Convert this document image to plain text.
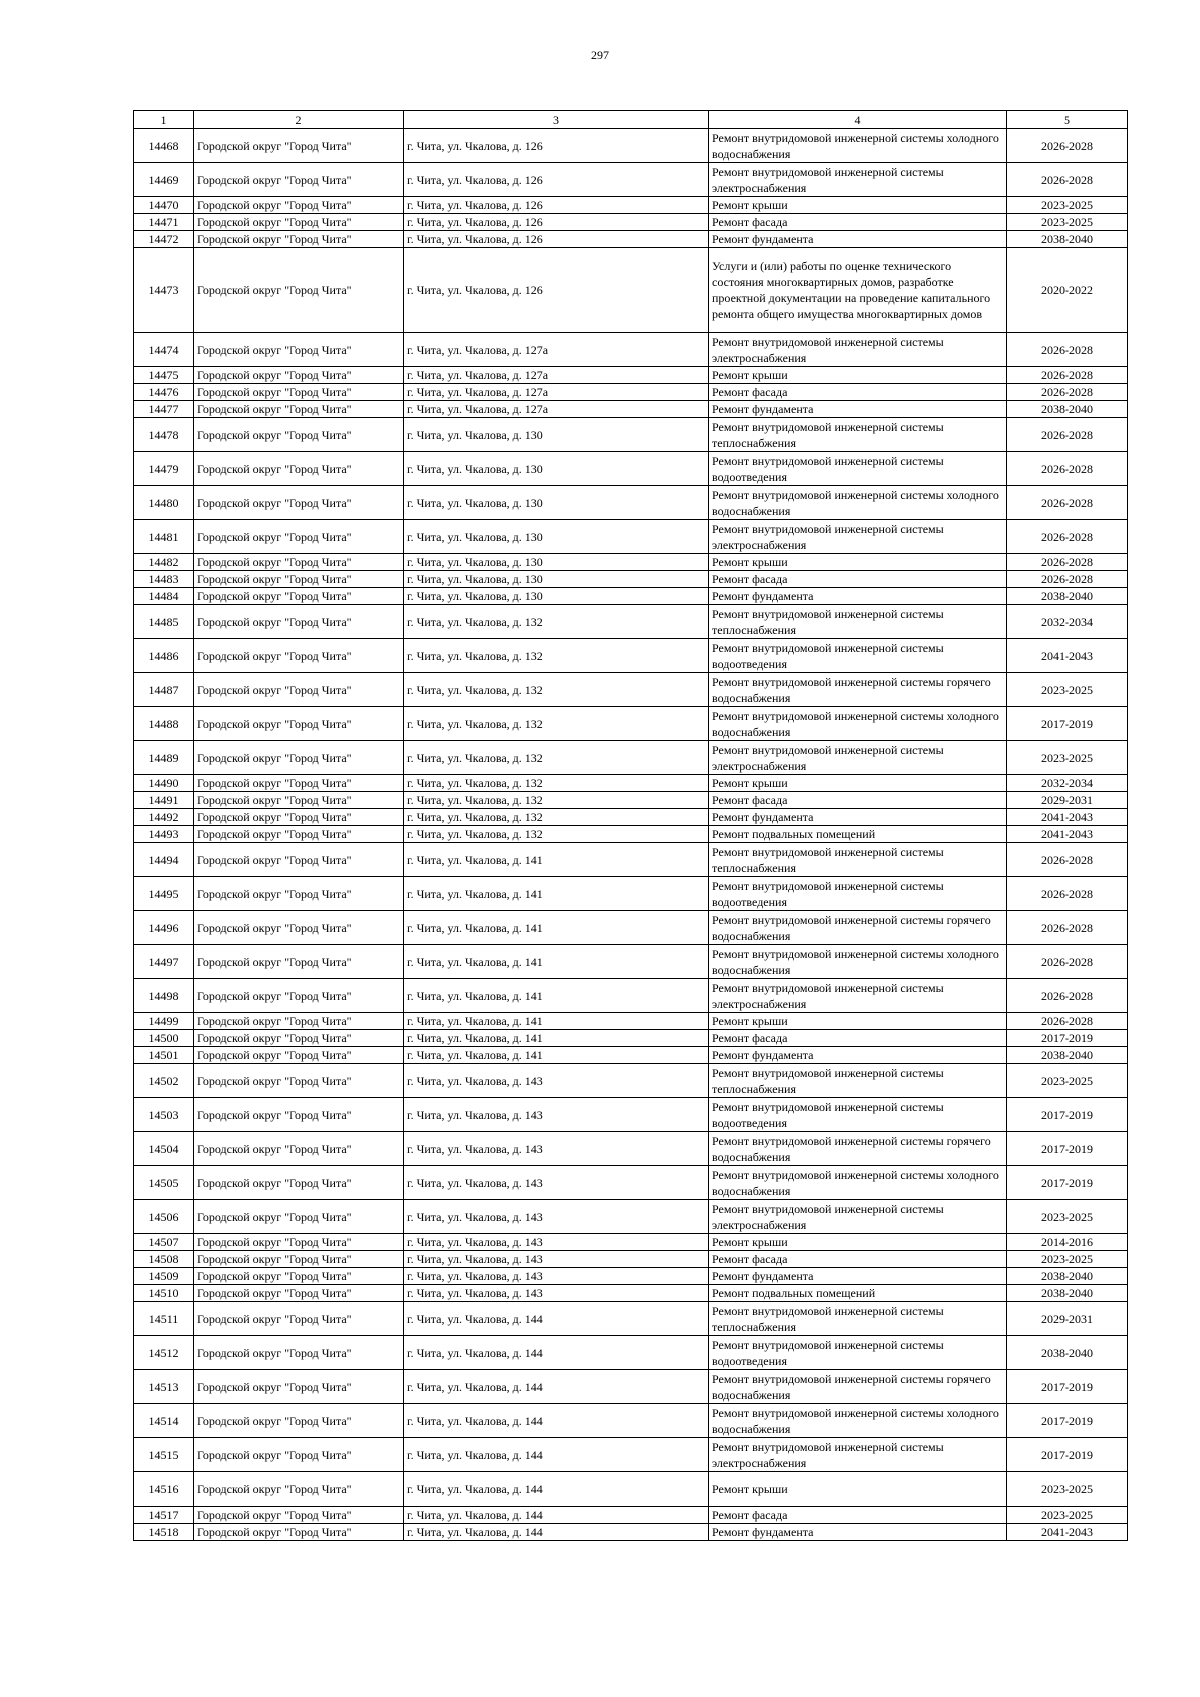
297
1	2	3	4	5
14468	Городской округ "Город Чита"	г. Чита, ул. Чкалова, д. 126	Ремонт внутридомовой инженерной системы холодного водоснабжения	2026-2028
14469	Городской округ "Город Чита"	г. Чита, ул. Чкалова, д. 126	Ремонт внутридомовой инженерной системы электроснабжения	2026-2028
14470	Городской округ "Город Чита"	г. Чита, ул. Чкалова, д. 126	Ремонт крыши	2023-2025
14471	Городской округ "Город Чита"	г. Чита, ул. Чкалова, д. 126	Ремонт фасада	2023-2025
14472	Городской округ "Город Чита"	г. Чита, ул. Чкалова, д. 126	Ремонт фундамента	2038-2040
14473	Городской округ "Город Чита"	г. Чита, ул. Чкалова, д. 126	Услуги и (или) работы по оценке технического состояния многоквартирных домов, разработке проектной документации на проведение капитального ремонта общего имущества многоквартирных домов	2020-2022
14474	Городской округ "Город Чита"	г. Чита, ул. Чкалова, д. 127а	Ремонт внутридомовой инженерной системы электроснабжения	2026-2028
14475	Городской округ "Город Чита"	г. Чита, ул. Чкалова, д. 127а	Ремонт крыши	2026-2028
14476	Городской округ "Город Чита"	г. Чита, ул. Чкалова, д. 127а	Ремонт фасада	2026-2028
14477	Городской округ "Город Чита"	г. Чита, ул. Чкалова, д. 127а	Ремонт фундамента	2038-2040
14478	Городской округ "Город Чита"	г. Чита, ул. Чкалова, д. 130	Ремонт внутридомовой инженерной системы теплоснабжения	2026-2028
14479	Городской округ "Город Чита"	г. Чита, ул. Чкалова, д. 130	Ремонт внутридомовой инженерной системы водоотведения	2026-2028
14480	Городской округ "Город Чита"	г. Чита, ул. Чкалова, д. 130	Ремонт внутридомовой инженерной системы холодного водоснабжения	2026-2028
14481	Городской округ "Город Чита"	г. Чита, ул. Чкалова, д. 130	Ремонт внутридомовой инженерной системы электроснабжения	2026-2028
14482	Городской округ "Город Чита"	г. Чита, ул. Чкалова, д. 130	Ремонт крыши	2026-2028
14483	Городской округ "Город Чита"	г. Чита, ул. Чкалова, д. 130	Ремонт фасада	2026-2028
14484	Городской округ "Город Чита"	г. Чита, ул. Чкалова, д. 130	Ремонт фундамента	2038-2040
14485	Городской округ "Город Чита"	г. Чита, ул. Чкалова, д. 132	Ремонт внутридомовой инженерной системы теплоснабжения	2032-2034
14486	Городской округ "Город Чита"	г. Чита, ул. Чкалова, д. 132	Ремонт внутридомовой инженерной системы водоотведения	2041-2043
14487	Городской округ "Город Чита"	г. Чита, ул. Чкалова, д. 132	Ремонт внутридомовой инженерной системы горячего водоснабжения	2023-2025
14488	Городской округ "Город Чита"	г. Чита, ул. Чкалова, д. 132	Ремонт внутридомовой инженерной системы холодного водоснабжения	2017-2019
14489	Городской округ "Город Чита"	г. Чита, ул. Чкалова, д. 132	Ремонт внутридомовой инженерной системы электроснабжения	2023-2025
14490	Городской округ "Город Чита"	г. Чита, ул. Чкалова, д. 132	Ремонт крыши	2032-2034
14491	Городской округ "Город Чита"	г. Чита, ул. Чкалова, д. 132	Ремонт фасада	2029-2031
14492	Городской округ "Город Чита"	г. Чита, ул. Чкалова, д. 132	Ремонт фундамента	2041-2043
14493	Городской округ "Город Чита"	г. Чита, ул. Чкалова, д. 132	Ремонт подвальных помещений	2041-2043
14494	Городской округ "Город Чита"	г. Чита, ул. Чкалова, д. 141	Ремонт внутридомовой инженерной системы теплоснабжения	2026-2028
14495	Городской округ "Город Чита"	г. Чита, ул. Чкалова, д. 141	Ремонт внутридомовой инженерной системы водоотведения	2026-2028
14496	Городской округ "Город Чита"	г. Чита, ул. Чкалова, д. 141	Ремонт внутридомовой инженерной системы горячего водоснабжения	2026-2028
14497	Городской округ "Город Чита"	г. Чита, ул. Чкалова, д. 141	Ремонт внутридомовой инженерной системы холодного водоснабжения	2026-2028
14498	Городской округ "Город Чита"	г. Чита, ул. Чкалова, д. 141	Ремонт внутридомовой инженерной системы электроснабжения	2026-2028
14499	Городской округ "Город Чита"	г. Чита, ул. Чкалова, д. 141	Ремонт крыши	2026-2028
14500	Городской округ "Город Чита"	г. Чита, ул. Чкалова, д. 141	Ремонт фасада	2017-2019
14501	Городской округ "Город Чита"	г. Чита, ул. Чкалова, д. 141	Ремонт фундамента	2038-2040
14502	Городской округ "Город Чита"	г. Чита, ул. Чкалова, д. 143	Ремонт внутридомовой инженерной системы теплоснабжения	2023-2025
14503	Городской округ "Город Чита"	г. Чита, ул. Чкалова, д. 143	Ремонт внутридомовой инженерной системы водоотведения	2017-2019
14504	Городской округ "Город Чита"	г. Чита, ул. Чкалова, д. 143	Ремонт внутридомовой инженерной системы горячего водоснабжения	2017-2019
14505	Городской округ "Город Чита"	г. Чита, ул. Чкалова, д. 143	Ремонт внутридомовой инженерной системы холодного водоснабжения	2017-2019
14506	Городской округ "Город Чита"	г. Чита, ул. Чкалова, д. 143	Ремонт внутридомовой инженерной системы электроснабжения	2023-2025
14507	Городской округ "Город Чита"	г. Чита, ул. Чкалова, д. 143	Ремонт крыши	2014-2016
14508	Городской округ "Город Чита"	г. Чита, ул. Чкалова, д. 143	Ремонт фасада	2023-2025
14509	Городской округ "Город Чита"	г. Чита, ул. Чкалова, д. 143	Ремонт фундамента	2038-2040
14510	Городской округ "Город Чита"	г. Чита, ул. Чкалова, д. 143	Ремонт подвальных помещений	2038-2040
14511	Городской округ "Город Чита"	г. Чита, ул. Чкалова, д. 144	Ремонт внутридомовой инженерной системы теплоснабжения	2029-2031
14512	Городской округ "Город Чита"	г. Чита, ул. Чкалова, д. 144	Ремонт внутридомовой инженерной системы водоотведения	2038-2040
14513	Городской округ "Город Чита"	г. Чита, ул. Чкалова, д. 144	Ремонт внутридомовой инженерной системы горячего водоснабжения	2017-2019
14514	Городской округ "Город Чита"	г. Чита, ул. Чкалова, д. 144	Ремонт внутридомовой инженерной системы холодного водоснабжения	2017-2019
14515	Городской округ "Город Чита"	г. Чита, ул. Чкалова, д. 144	Ремонт внутридомовой инженерной системы электроснабжения	2017-2019
14516	Городской округ "Город Чита"	г. Чита, ул. Чкалова, д. 144	Ремонт крыши	2023-2025
14517	Городской округ "Город Чита"	г. Чита, ул. Чкалова, д. 144	Ремонт фасада	2023-2025
14518	Городской округ "Город Чита"	г. Чита, ул. Чкалова, д. 144	Ремонт фундамента	2041-2043
